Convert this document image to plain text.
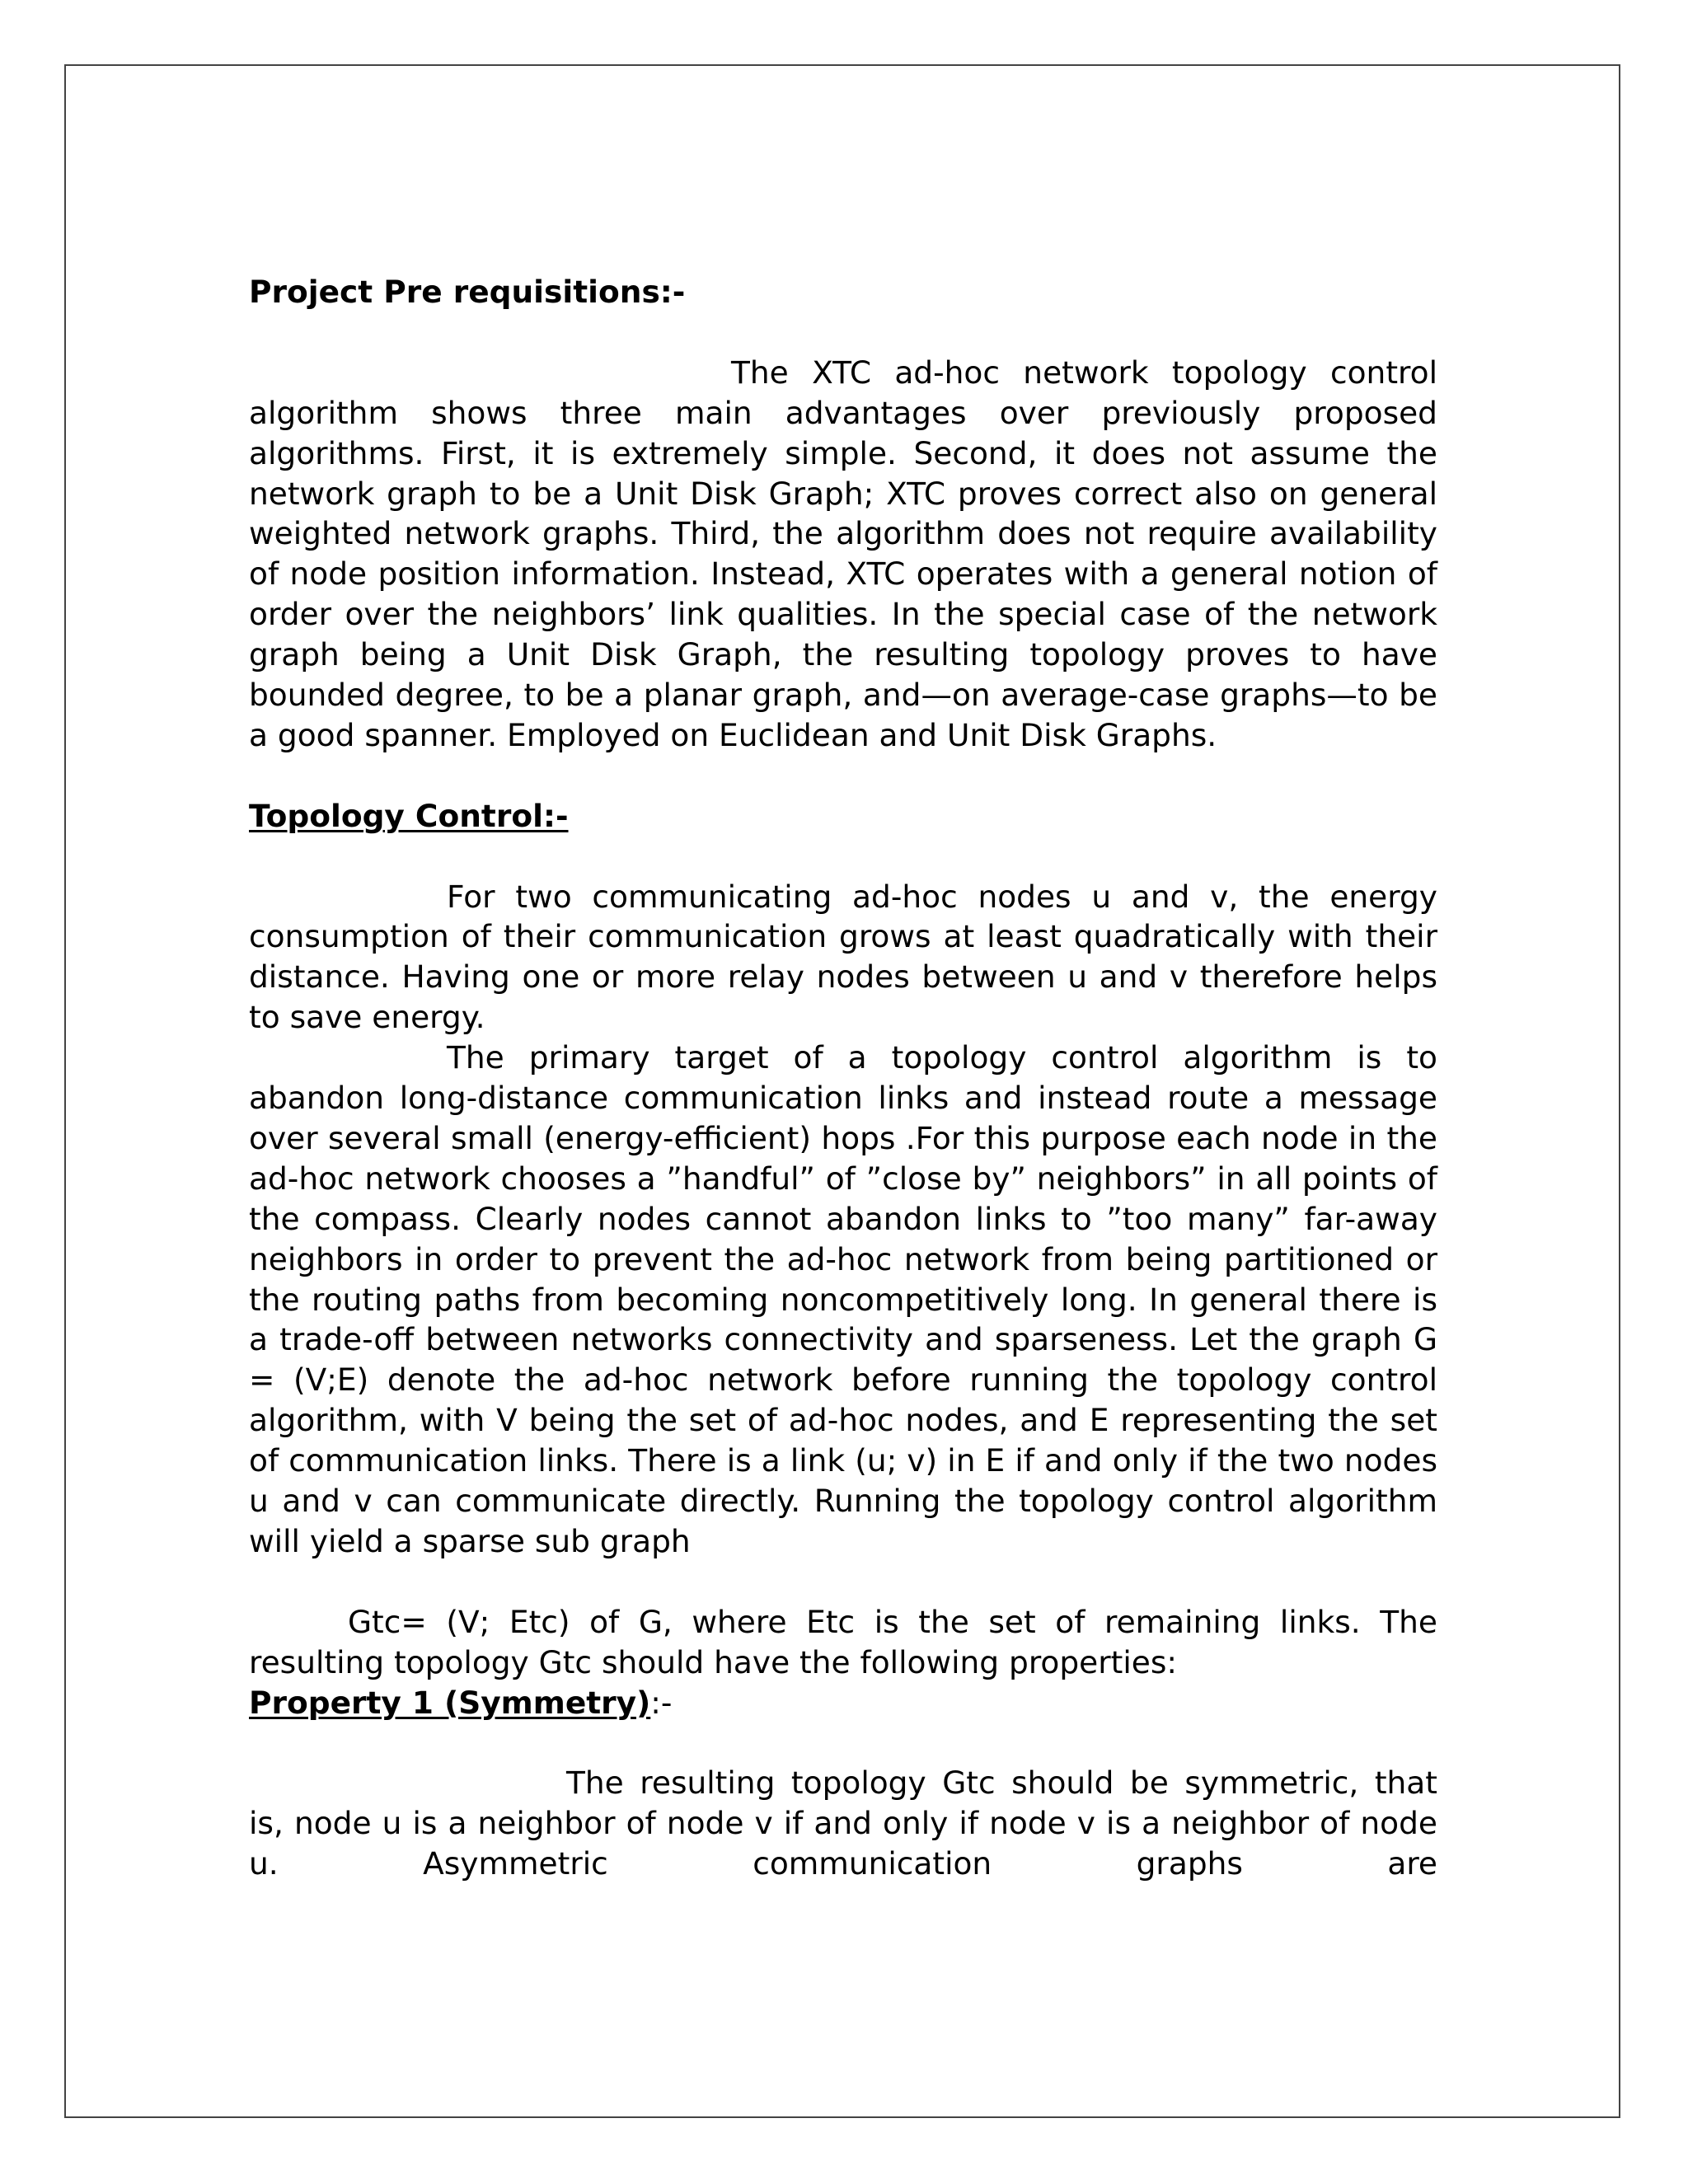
Project Pre requisitions:-

The XTC ad-hoc network topology control algorithm shows three main advantages over previously proposed algorithms. First, it is extremely simple. Second, it does not assume the network graph to be a Unit Disk Graph; XTC proves correct also on general weighted network graphs. Third, the algorithm does not require availability of node position information. Instead, XTC operates with a general notion of order over the neighbors’ link qualities. In the special case of the network graph being a Unit Disk Graph, the resulting topology proves to have bounded degree, to be a planar graph, and—on average-case graphs—to be a good spanner. Employed on Euclidean and Unit Disk Graphs.

Topology Control:-

For two communicating ad-hoc nodes u and v, the energy consumption of their communication grows at least quadratically with their distance. Having one or more relay nodes between u and v therefore helps to save energy.

The primary target of a topology control algorithm is to abandon long-distance communication links and instead route a message over several small (energy-efficient) hops .For this purpose each node in the ad-hoc network chooses a ”handful” of ”close by” neighbors” in all points of the compass. Clearly nodes cannot abandon links to ”too many” far-away neighbors in order to prevent the ad-hoc network from being partitioned or the routing paths from becoming noncompetitively long. In general there is a trade-off between networks connectivity and sparseness. Let the graph G = (V;E) denote the ad-hoc network before running the topology control algorithm, with V being the set of ad-hoc nodes, and E representing the set of communication links. There is a link (u; v) in E if and only if the two nodes u and v can communicate directly. Running the topology control algorithm will yield a sparse sub graph

Gtc= (V; Etc) of G, where Etc is the set of remaining links. The resulting topology Gtc should have the following properties:

Property 1 (Symmetry):-

The resulting topology Gtc should be symmetric, that is, node u is a neighbor of node v if and only if node v is a neighbor of node u. Asymmetric communication graphs are
